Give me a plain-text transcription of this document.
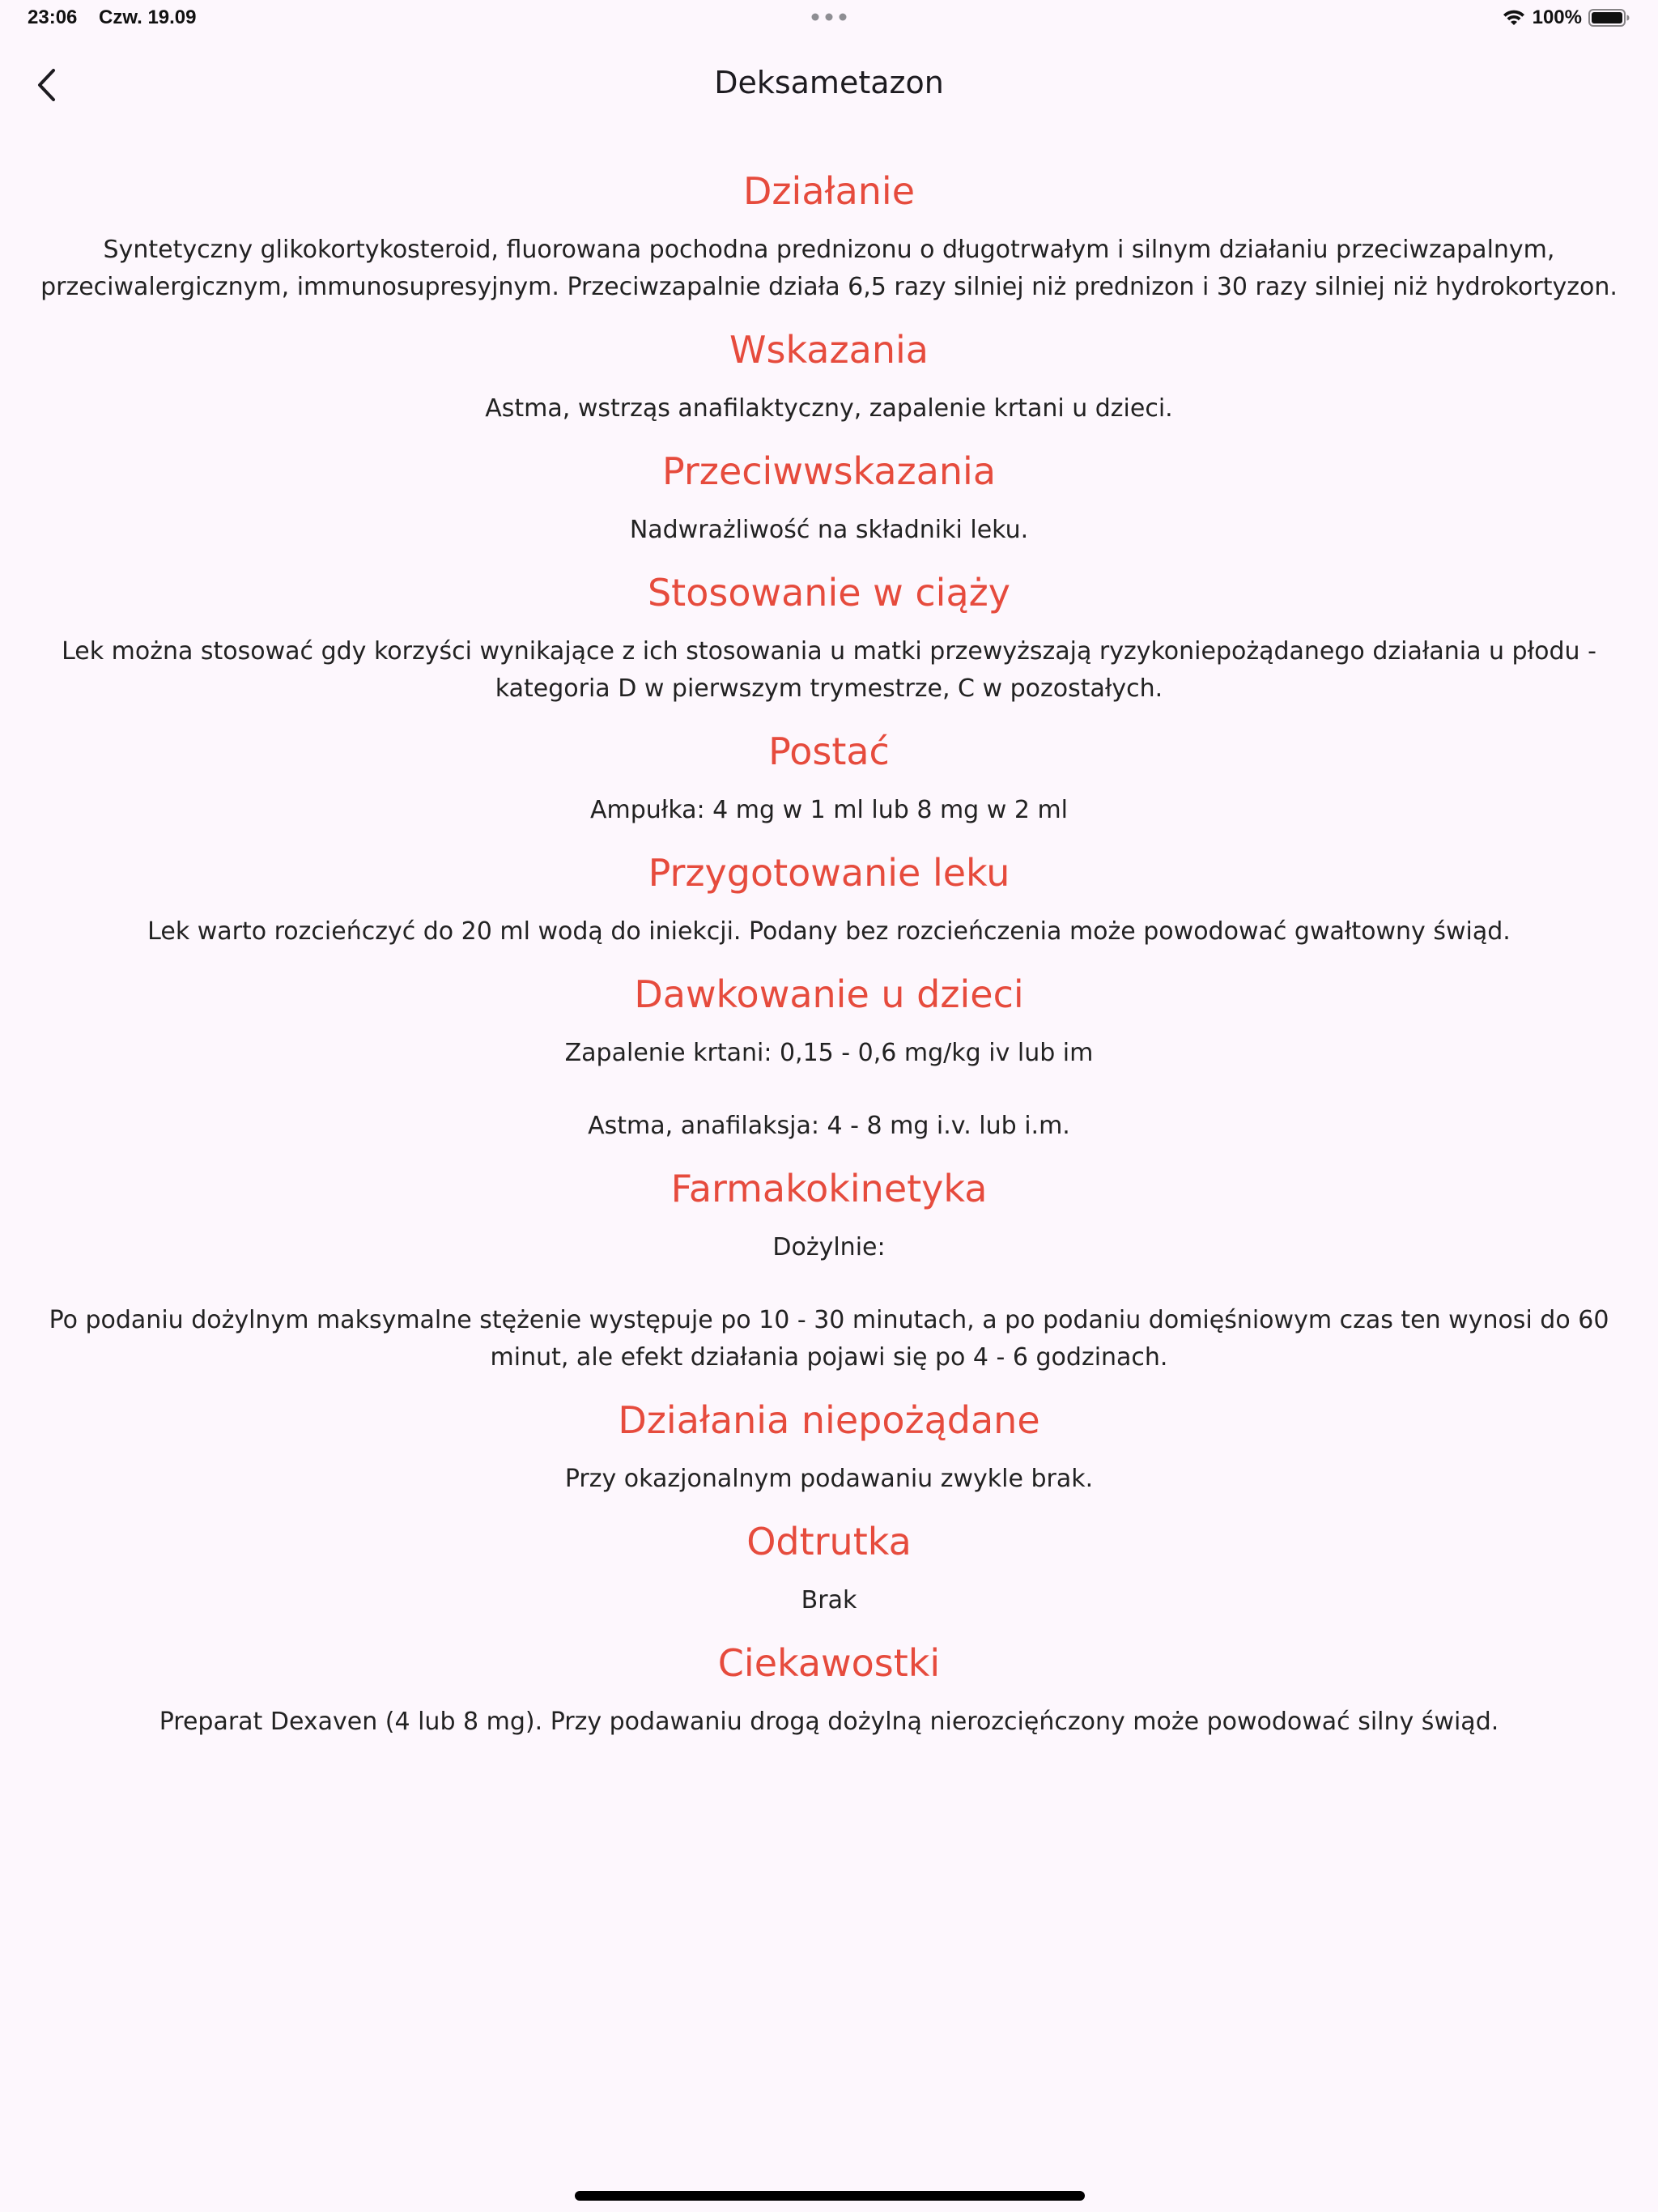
23:06 Czw. 19.09	100%
Deksametazon
Działanie

Syntetyczny glikokortykosteroid, fluorowana pochodna prednizonu o długotrwałym i silnym działaniu przeciwzapalnym, przeciwalergicznym, immunosupresyjnym. Przeciwzapalnie działa 6,5 razy silniej niż prednizon i 30 razy silniej niż hydrokortyzon.

Wskazania

Astma, wstrząs anafilaktyczny, zapalenie krtani u dzieci.

Przeciwwskazania

Nadwrażliwość na składniki leku.

Stosowanie w ciąży

Lek można stosować gdy korzyści wynikające z ich stosowania u matki przewyższają ryzykoniepożądanego działania u płodu - kategoria D w pierwszym trymestrze, C w pozostałych.

Postać

Ampułka: 4 mg w 1 ml lub 8 mg w 2 ml

Przygotowanie leku

Lek warto rozcieńczyć do 20 ml wodą do iniekcji. Podany bez rozcieńczenia może powodować gwałtowny świąd.

Dawkowanie u dzieci

Zapalenie krtani: 0,15 - 0,6 mg/kg iv lub im

Astma, anafilaksja: 4 - 8 mg i.v. lub i.m.

Farmakokinetyka

Dożylnie:

Po podaniu dożylnym maksymalne stężenie występuje po 10 - 30 minutach, a po podaniu domięśniowym czas ten wynosi do 60 minut, ale efekt działania pojawi się po 4 - 6 godzinach.

Działania niepożądane

Przy okazjonalnym podawaniu zwykle brak.

Odtrutka

Brak

Ciekawostki

Preparat Dexaven (4 lub 8 mg). Przy podawaniu drogą dożylną nierozcięńczony może powodować silny świąd.
